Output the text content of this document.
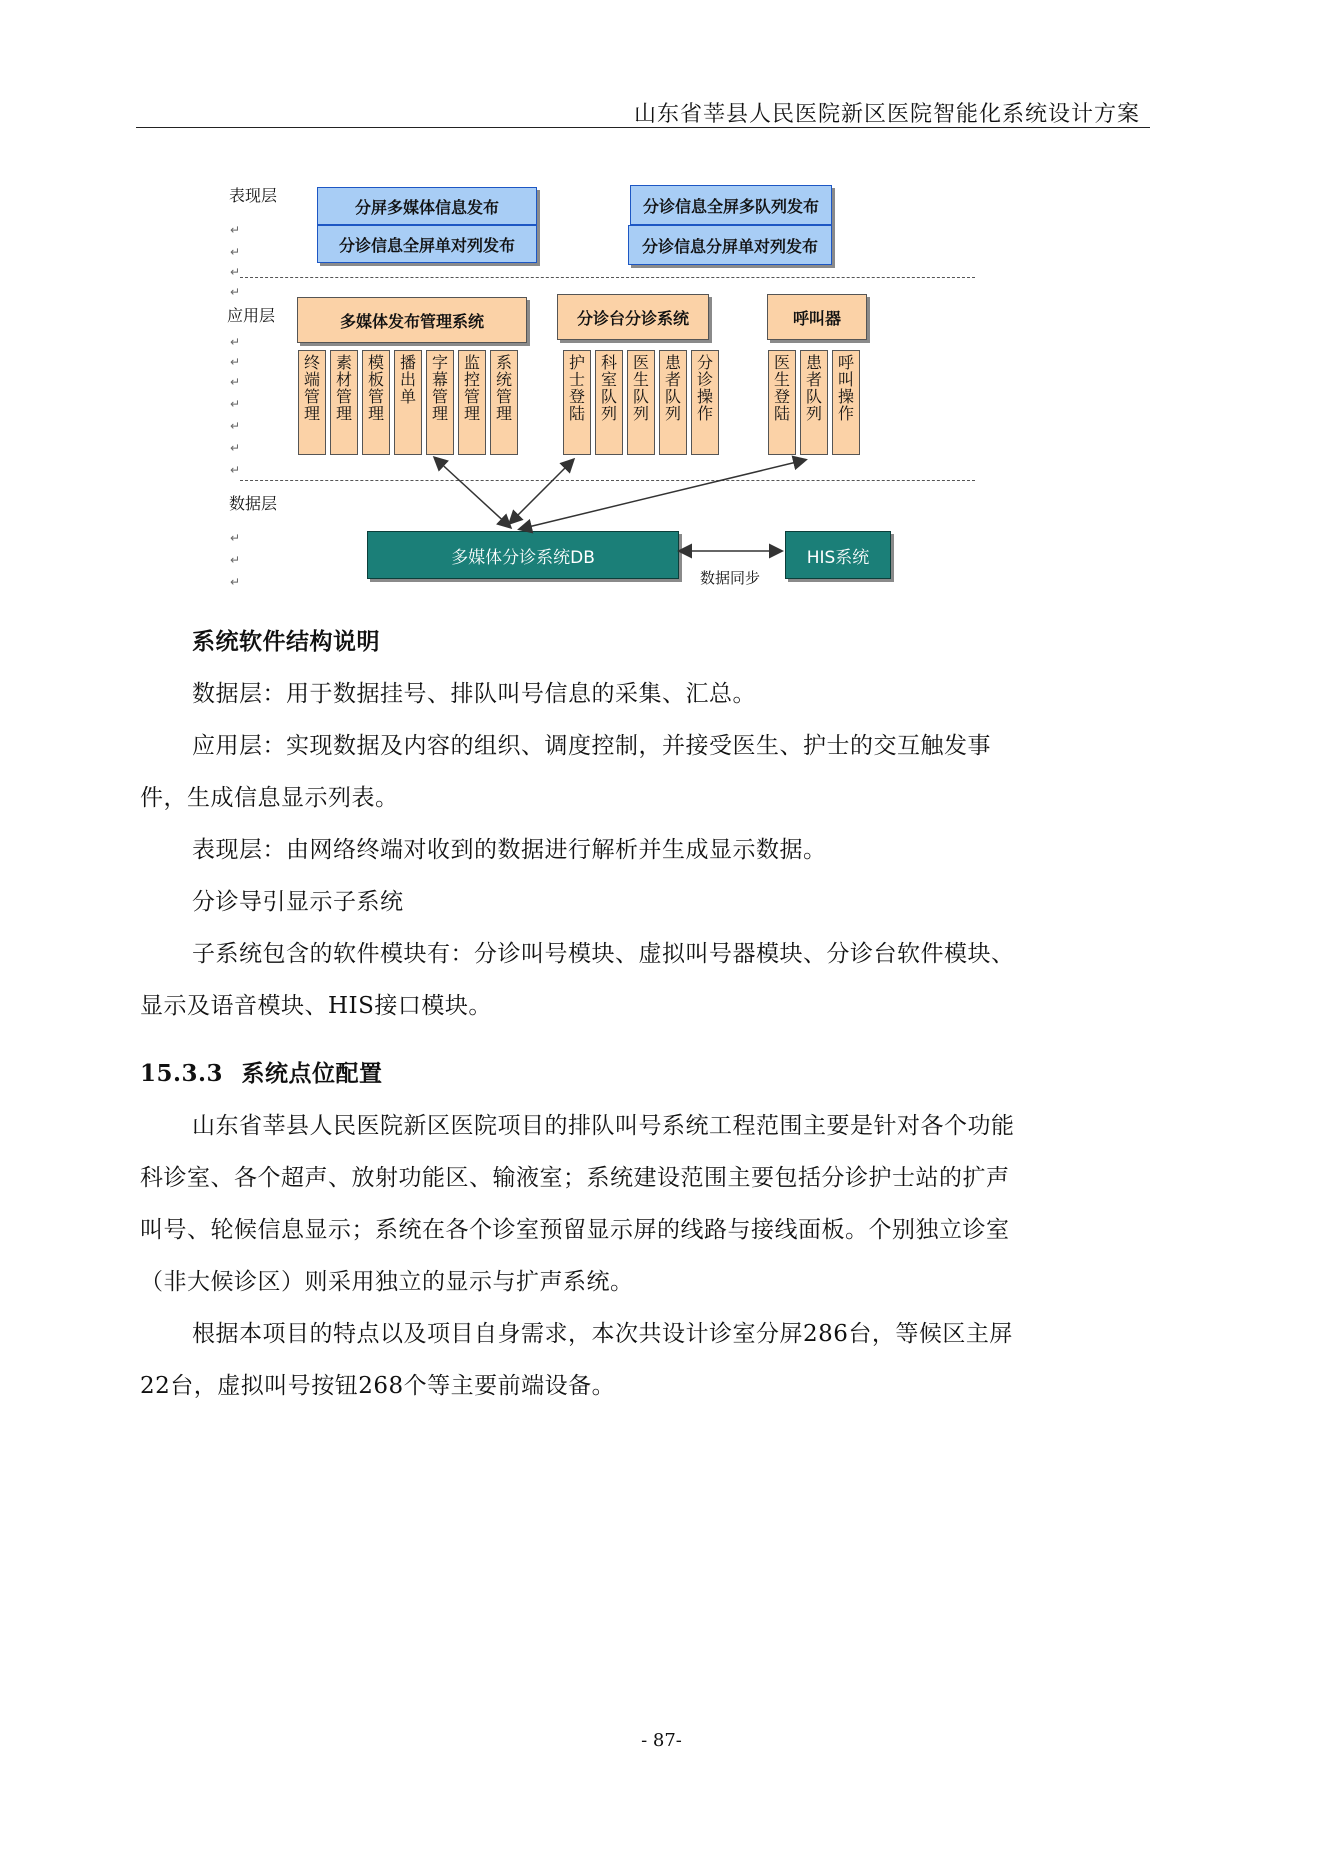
山东省莘县人民医院新区医院智能化系统设计方案
表现层
应用层
数据层
↵
↵
↵
↵
↵
↵
↵
↵
↵
↵
↵
↵
↵
↵
分屏多媒体信息发布
分诊信息全屏单对列发布
分诊信息全屏多队列发布
分诊信息分屏单对列发布
多媒体发布管理系统	分诊台分诊系统	呼叫器
终端管理
素材管理
模板管理
播出单
字幕管理
监控管理
系统管理
护士登陆
科室队列
医生队列
患者队列
分诊操作
医生登陆
患者队列
呼叫操作
多媒体分诊系统DB	HIS系统
数据同步
系统软件结构说明
数据层：用于数据挂号、排队叫号信息的采集、汇总。
应用层：实现数据及内容的组织、调度控制，并接受医生、护士的交互触发事
件，生成信息显示列表。
表现层：由网络终端对收到的数据进行解析并生成显示数据。
分诊导引显示子系统
子系统包含的软件模块有：分诊叫号模块、虚拟叫号器模块、分诊台软件模块、
显示及语音模块、HIS接口模块。
15.3.3 系统点位配置
山东省莘县人民医院新区医院项目的排队叫号系统工程范围主要是针对各个功能
科诊室、各个超声、放射功能区、输液室；系统建设范围主要包括分诊护士站的扩声
叫号、轮候信息显示；系统在各个诊室预留显示屏的线路与接线面板。个别独立诊室
（非大候诊区）则采用独立的显示与扩声系统。
根据本项目的特点以及项目自身需求，本次共设计诊室分屏286台，等候区主屏
22台，虚拟叫号按钮268个等主要前端设备。
- 87-
